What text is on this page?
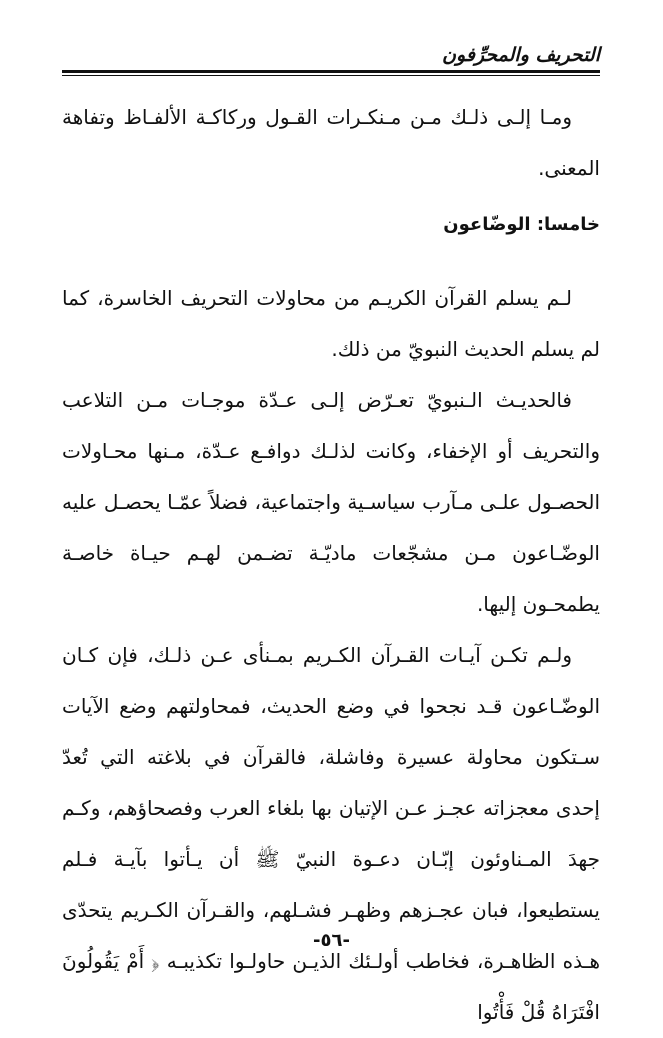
التحريف والمحرِّفون

ومـا إلـى ذلـك مـن مـنكـرات القـول وركاكـة الألفـاظ وتفاهة المعنى.

خامسا: الوضّاعون

لـم يسلم القرآن الكريـم من محاولات التحريف الخاسرة، كما لم يسلم الحديث النبويّ من ذلك.

فالحديـث الـنبويّ تعـرّض إلـى عـدّة موجـات مـن التلاعب والتحريف أو الإخفاء، وكانت لذلـك دوافـع عـدّة، مـنها محـاولات الحصـول علـى مـآرب سياسـية واجتماعية، فضلاً عمّـا يحصـل عليه الوضّـاعون مـن مشجّعات ماديّـة تضـمن لهـم حيـاة خاصـة يطمحـون إليها.

ولـم تكـن آيـات القـرآن الكـريم بمـنأى عـن ذلـك، فإن كـان الوضّـاعون قـد نجحوا في وضع الحديث، فمحاولتهم وضع الآيات سـتكون محاولة عسيرة وفاشلة، فالقرآن في بلاغته التي تُعدّ إحدى معجزاته عجـز عـن الإتيان بها بلغاء العرب وفصحاؤهم، وكـم جهدَ المـناوئون إبّـان دعـوة النبيّ ﷺ أن يـأتوا بآيـة فـلم يستطيعوا، فبان عجـزهم وظهـر فشـلهم، والقـرآن الكـريم يتحدّى هـذه الظاهـرة، فخاطب أولـئك الذيـن حاولـوا تكذيبـه ﴿ أَمْ يَقُولُونَ افْتَرَاهُ قُلْ فَأْتُوا

-٥٦-
